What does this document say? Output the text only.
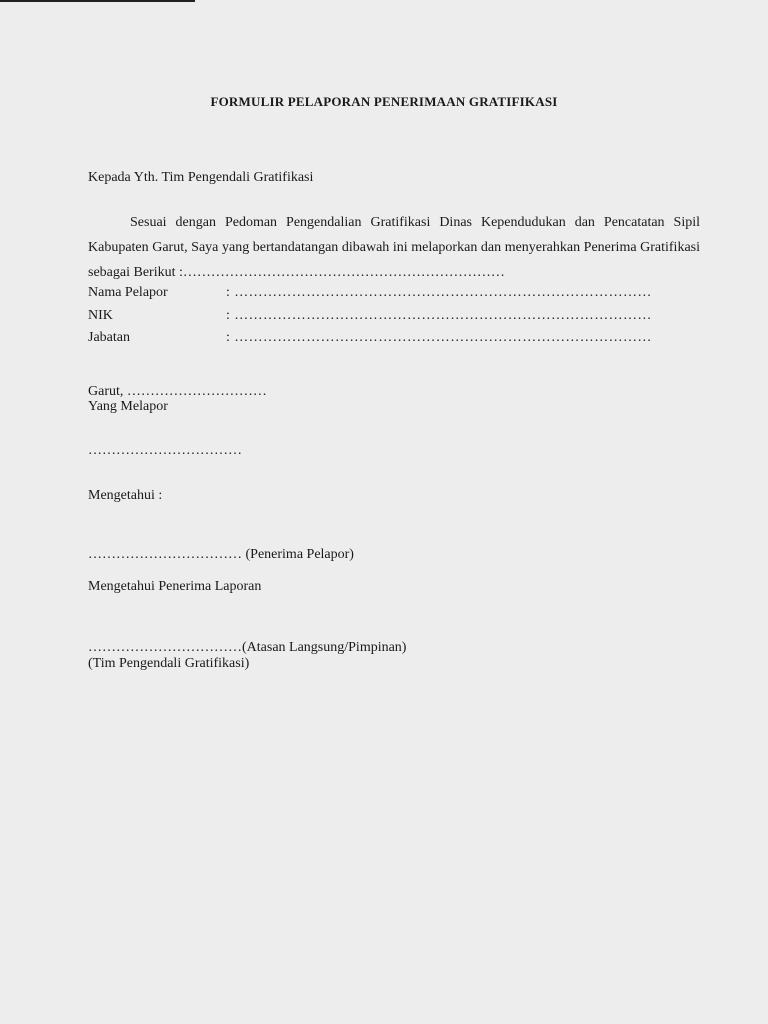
FORMULIR PELAPORAN PENERIMAAN GRATIFIKASI
Kepada Yth. Tim Pengendali Gratifikasi
Sesuai dengan Pedoman Pengendalian Gratifikasi Dinas Kependudukan dan Pencatatan Sipil Kabupaten Garut, Saya yang bertandatangan dibawah ini melaporkan dan menyerahkan Penerima Gratifikasi sebagai Berikut :……………………………………………………………
Nama Pelapor	: ……………………………………………………………………………
NIK	: ……………………………………………………………………………
Jabatan	: ……………………………………………………………………………
Garut, …………………………
Yang Melapor
……………………………
Mengetahui :
…………………………… (Penerima Pelapor)
Mengetahui Penerima Laporan
……………………………(Atasan Langsung/Pimpinan)
(Tim Pengendali Gratifikasi)
